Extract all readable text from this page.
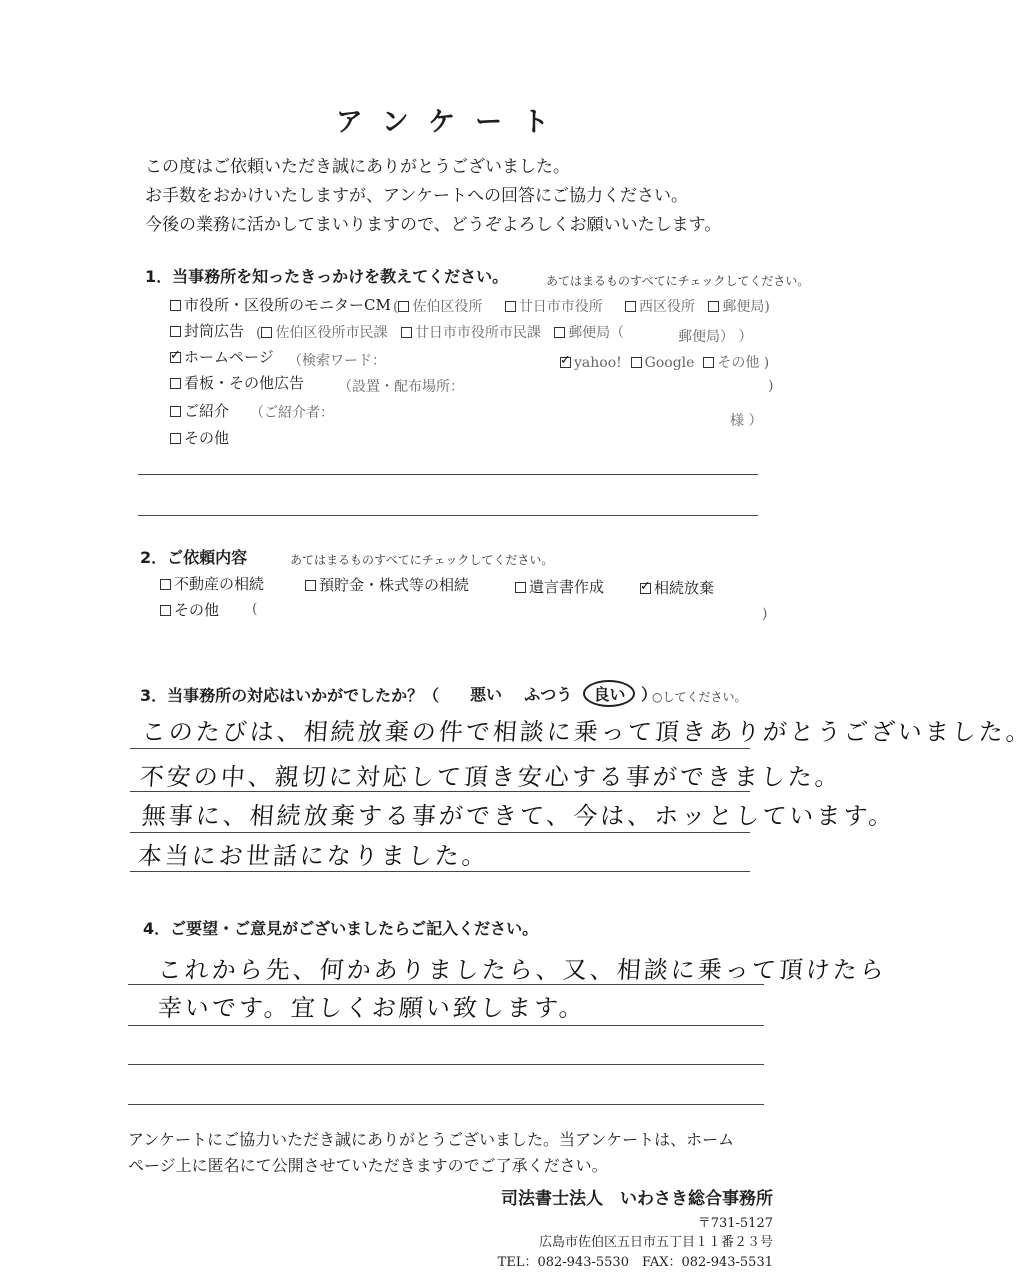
アンケート
この度はご依頼いただき誠にありがとうございました。
お手数をおかけいたしますが、アンケートへの回答にご協力ください。
今後の業務に活かしてまいりますので、どうぞよろしくお願いいたします。
1．当事務所を知ったきっかけを教えてください。	あてはまるものすべてにチェックしてください。
市役所・区役所のモニターCM ( 佐伯区役所	廿日市市役所	西区役所 郵便局)
封筒広告 ( 佐伯区役所市民課 廿日市市役所市民課 郵便局（	郵便局） ）
✓ホームページ （検索ワード： ✓	yahoo! Google その他 )
看板・その他広告 （設置・配布場所：	)
ご紹介 （ご紹介者：	様 ）
その他
2．ご依頼内容	あてはまるものすべてにチェックしてください。
不動産の相続	預貯金・株式等の相続	遺言書作成 ✓	相続放棄
その他 (	)
3．当事務所の対応はいかがでしたか？（ 悪い ふつう 良い ）
○してください。
このたびは、相続放棄の件で相談に乗って頂きありがとうございました。
不安の中、親切に対応して頂き安心する事ができました。
無事に、相続放棄する事ができて、今は、ホッとしています。
本当にお世話になりました。
4．ご要望・ご意見がございましたらご記入ください。
これから先、何かありましたら、又、相談に乗って頂けたら
幸いです。宜しくお願い致します。
アンケートにご協力いただき誠にありがとうございました。当アンケートは、ホーム
ページ上に匿名にて公開させていただきますのでご了承ください。
司法書士法人　いわさき総合事務所
〒731-5127
広島市佐伯区五日市五丁目１１番２３号
TEL：082-943-5530　FAX：082-943-5531
